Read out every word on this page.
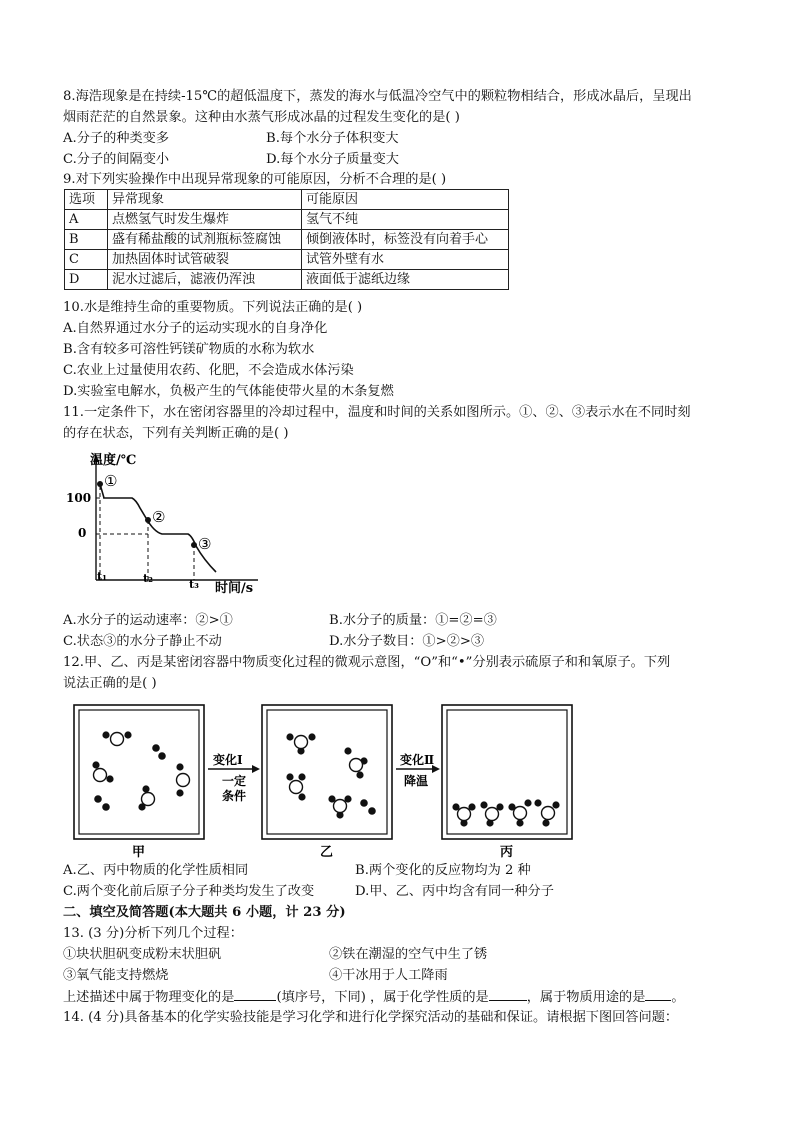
8.海浩现象是在持续-15℃的超低温度下，蒸发的海水与低温冷空气中的颗粒物相结合，形成冰晶后，呈现出
烟雨茫茫的自然景象。这种由水蒸气形成冰晶的过程发生变化的是( )
A.分子的种类变多	B.每个水分子体积变大
C.分子的间隔变小	D.每个水分子质量变大
9.对下列实验操作中出现异常现象的可能原因，分析不合理的是( )
选项	异常现象	可能原因
A	点燃氢气时发生爆炸	氢气不纯
B	盛有稀盐酸的试剂瓶标签腐蚀	倾倒液体时，标签没有向着手心
C	加热固体时试管破裂	试管外壁有水
D	泥水过滤后，滤液仍浑浊	液面低于滤纸边缘
10.水是维持生命的重要物质。下列说法正确的是( )
A.自然界通过水分子的运动实现水的自身净化
B.含有较多可溶性钙镁矿物质的水称为软水
C.农业上过量使用农药、化肥，不会造成水体污染
D.实验室电解水，负极产生的气体能使带火星的木条复燃
11.一定条件下，水在密闭容器里的冷却过程中，温度和时间的关系如图所示。①、②、③表示水在不同时刻
的存在状态，下列有关判断正确的是( )
温度/℃
时间/s
100
0
①
②
③
t₁	t₂	t₃
A.水分子的运动速率：②>①	B.水分子的质量：①=②=③
C.状态③的水分子静止不动	D.水分子数目：①>②>③
12.甲、乙、丙是某密闭容器中物质变化过程的微观示意图，“O”和“•”分别表示硫原子和和氧原子。下列
说法正确的是( )
变化Ⅰ
一定
条件
变化Ⅱ
降温
甲	乙	丙
A.乙、丙中物质的化学性质相同	B.两个变化的反应物均为 2 种
C.两个变化前后原子分子种类均发生了改变	D.甲、乙、丙中均含有同一种分子
二、填空及简答题(本大题共 6 小题，计 23 分)
13. (3 分)分析下列几个过程：
①块状胆矾变成粉末状胆矾	②铁在潮湿的空气中生了锈
③氧气能支持燃烧	④干冰用于人工降雨
上述描述中属于物理变化的是	(填序号，下同) ，属于化学性质的是	，属于物质用途的是 。
14. (4 分)具备基本的化学实验技能是学习化学和进行化学探究活动的基础和保证。请根据下图回答问题：
